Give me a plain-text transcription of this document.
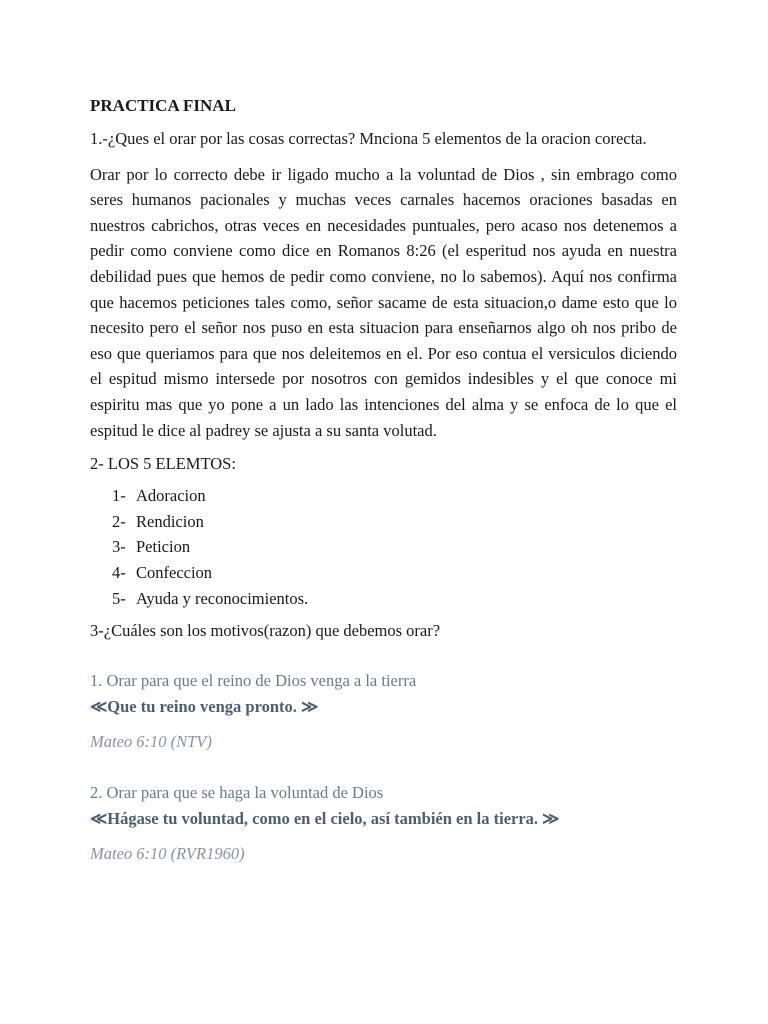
PRACTICA FINAL

1.-¿Ques el orar por las cosas correctas? Mnciona 5 elementos de la oracion corecta.

Orar por lo correcto debe ir ligado mucho a la voluntad de Dios , sin embrago como seres humanos pacionales y muchas veces carnales hacemos oraciones basadas en nuestros cabrichos, otras veces en necesidades puntuales, pero acaso nos detenemos a pedir como conviene como dice en Romanos 8:26 (el esperitud nos ayuda en nuestra debilidad pues que hemos de pedir como conviene, no lo sabemos). Aquí nos confirma que hacemos peticiones tales como, señor sacame de esta situacion,o dame esto que lo necesito pero el señor nos puso en esta situacion para enseñarnos algo oh nos pribo de eso que queriamos para que nos deleitemos en el. Por eso contua el versiculos diciendo el espitud mismo intersede por nosotros con gemidos indesibles y el que conoce mi espiritu mas que yo pone a un lado las intenciones del alma y se enfoca de lo que el espitud le dice al padrey se ajusta a su santa volutad.

2- LOS 5 ELEMTOS:

1- Adoracion
2- Rendicion
3- Peticion
4- Confeccion
5- Ayuda y reconocimientos.

3-¿Cuáles son los motivos(razon) que debemos orar?

1. Orar para que el reino de Dios venga a la tierra

≪Que tu reino venga pronto. ≫

Mateo 6:10 (NTV)

2. Orar para que se haga la voluntad de Dios

≪Hágase tu voluntad, como en el cielo, así también en la tierra. ≫

Mateo 6:10 (RVR1960)
